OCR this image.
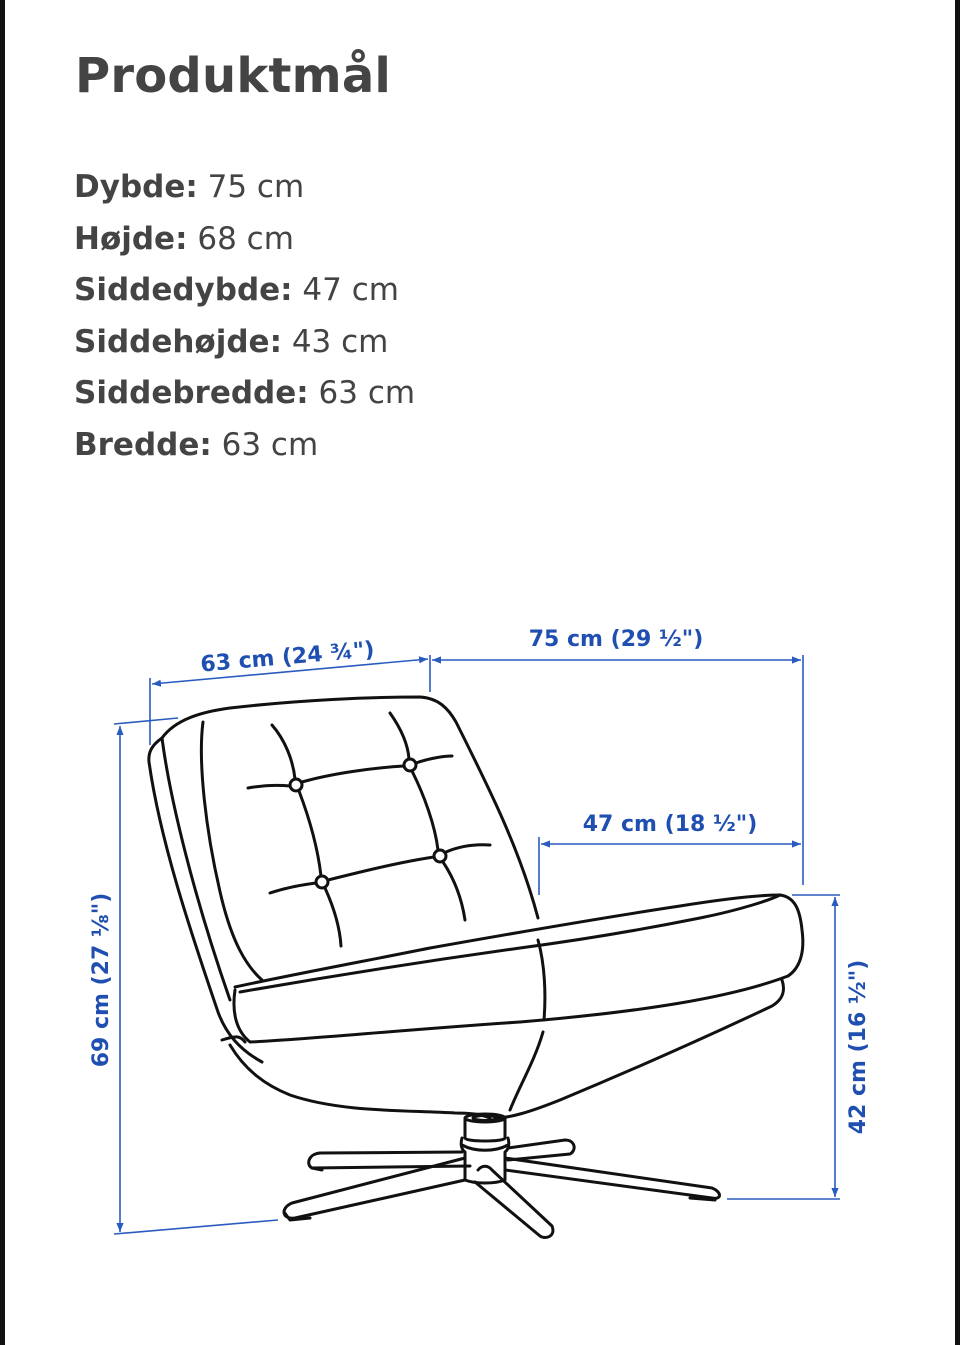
Produktmål
Dybde: 75 cm
Højde: 68 cm
Siddedybde: 47 cm
Siddehøjde: 43 cm
Siddebredde: 63 cm
Bredde: 63 cm
63 cm (24 ¾")	75 cm (29 ½")
47 cm (18 ½")
69 cm (27 ⅛")	42 cm (16 ½")
